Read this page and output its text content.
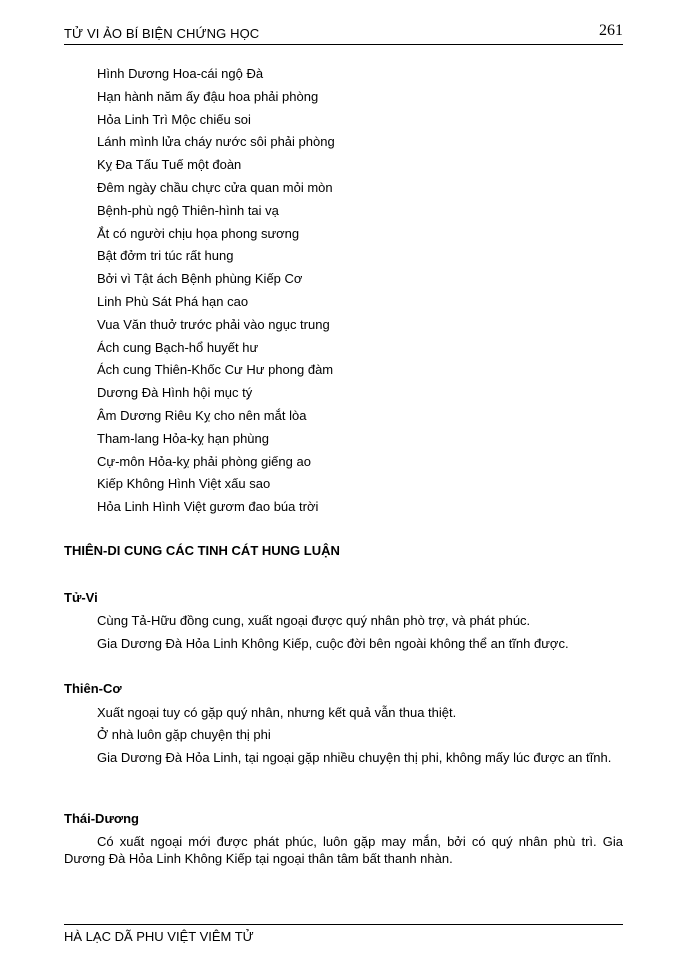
TỬ VI ẢO BÍ BIỆN CHỨNG HỌC	261
Hình Dương Hoa-cái ngộ Đà
Hạn hành năm ấy đậu hoa phải phòng
Hỏa Linh Trì Mộc chiếu soi
Lánh mình lửa cháy nước sôi phải phòng
Kỵ Đa Tấu Tuế một đoàn
Đêm ngày chầu chực cửa quan mỏi mòn
Bệnh-phù ngộ Thiên-hình tai vạ
Ắt có người chịu họa phong sương
Bật đởm tri túc rất hung
Bởi vì Tật ách Bệnh phùng Kiếp Cơ
Linh Phù Sát Phá hạn cao
Vua Văn thuở trước phải vào ngục trung
Ách cung Bạch-hổ huyết hư
Ách cung Thiên-Khốc Cư Hư phong đàm
Dương Đà Hình hội mục tý
Âm Dương Riêu Kỵ cho nên mắt lòa
Tham-lang Hỏa-kỵ hạn phùng
Cự-môn Hỏa-kỵ phải phòng giếng ao
Kiếp Không Hình Việt xấu sao
Hỏa Linh Hình Việt gươm đao búa trời
THIÊN-DI CUNG CÁC TINH CÁT HUNG LUẬN
Tử-Vi

Cùng Tả-Hữu đồng cung, xuất ngoại được quý nhân phò trợ, và phát phúc.

Gia Dương Đà Hỏa Linh Không Kiếp, cuộc đời bên ngoài không thể an tĩnh được.

Thiên-Cơ

Xuất ngoại tuy có gặp quý nhân, nhưng kết quả vẫn thua thiệt.

Ở nhà luôn gặp chuyện thị phi

Gia Dương Đà Hỏa Linh, tại ngoại gặp nhiều chuyện thị phi, không mấy lúc được an tĩnh.

Thái-Dương

Có xuất ngoại mới được phát phúc, luôn gặp may mắn, bởi có quý nhân phù trì. Gia Dương Đà Hỏa Linh Không Kiếp tại ngoại thân tâm bất thanh nhàn.

HÀ LẠC DÃ PHU VIỆT VIÊM TỬ
